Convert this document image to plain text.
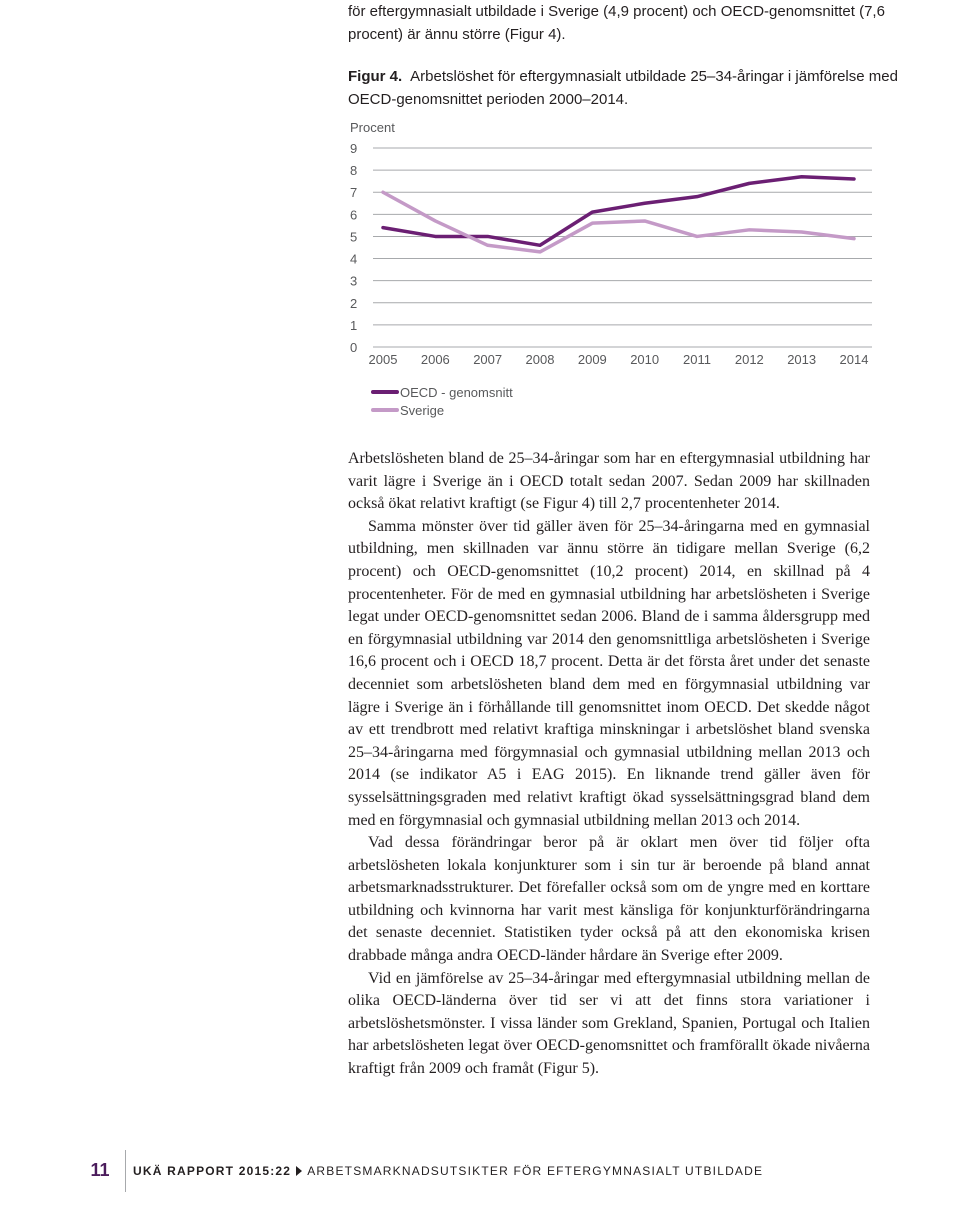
för eftergymnasialt utbildade i Sverige (4,9 procent) och OECD-genomsnittet (7,6 procent) är ännu större (Figur 4).
Figur 4. Arbetslöshet för eftergymnasialt utbildade 25–34-åringar i jämförelse med OECD-genomsnittet perioden 2000–2014.
Procent
0
1
2
3
4
5
6
7
8
9
2005 2006 2007 2008 2009 2010 2011 2012 2013 2014
OECD - genomsnitt
Sverige

Arbetslösheten bland de 25–34-åringar som har en eftergymnasial utbildning har varit lägre i Sverige än i OECD totalt sedan 2007. Sedan 2009 har skillnaden också ökat relativt kraftigt (se Figur 4) till 2,7 procentenheter 2014.

Samma mönster över tid gäller även för 25–34-åringarna med en gymnasial utbildning, men skillnaden var ännu större än tidigare mellan Sverige (6,2 procent) och OECD-genomsnittet (10,2 procent) 2014, en skillnad på 4 procentenheter. För de med en gymnasial utbildning har arbetslösheten i Sverige legat under OECD-genomsnittet sedan 2006. Bland de i samma åldersgrupp med en förgymnasial utbildning var 2014 den genomsnittliga arbetslösheten i Sverige 16,6 procent och i OECD 18,7 procent. Detta är det första året under det senaste decenniet som arbetslösheten bland dem med en förgymnasial utbildning var lägre i Sverige än i förhållande till genomsnittet inom OECD. Det skedde något av ett trendbrott med relativt kraftiga minskningar i arbetslöshet bland svenska 25–34-åringarna med förgymnasial och gymnasial utbildning mellan 2013 och 2014 (se indikator A5 i EAG 2015). En liknande trend gäller även för sysselsättningsgraden med relativt kraftigt ökad sysselsättningsgrad bland dem med en förgymnasial och gymnasial utbildning mellan 2013 och 2014.

Vad dessa förändringar beror på är oklart men över tid följer ofta arbetslösheten lokala konjunkturer som i sin tur är beroende på bland annat arbetsmarknadsstrukturer. Det förefaller också som om de yngre med en korttare utbildning och kvinnorna har varit mest känsliga för konjunkturförändringarna det senaste decenniet. Statistiken tyder också på att den ekonomiska krisen drabbade många andra OECD-länder hårdare än Sverige efter 2009.

Vid en jämförelse av 25–34-åringar med eftergymnasial utbildning mellan de olika OECD-länderna över tid ser vi att det finns stora variationer i arbetslöshetsmönster. I vissa länder som Grekland, Spanien, Portugal och Italien har arbetslösheten legat över OECD-genomsnittet och framförallt ökade nivåerna kraftigt från 2009 och framåt (Figur 5).

11	UKÄ RAPPORT 2015:22 ARBETSMARKNADSUTSIKTER FÖR EFTERGYMNASIALT UTBILDADE
